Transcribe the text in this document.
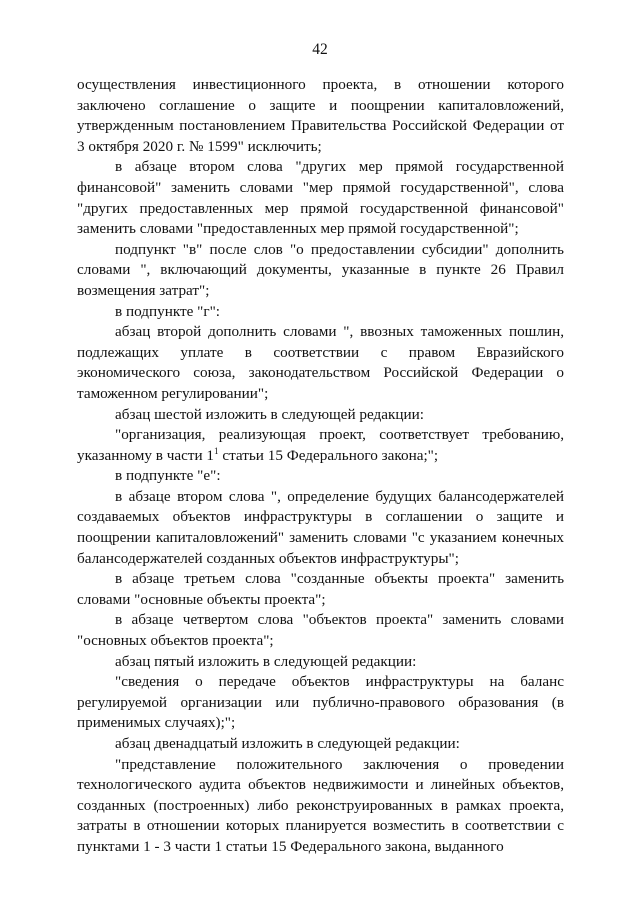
42

осуществления инвестиционного проекта, в отношении которого заключено соглашение о защите и поощрении капиталовложений, утвержденным постановлением Правительства Российской Федерации от 3 октября 2020 г. № 1599" исключить;

в абзаце втором слова "других мер прямой государственной финансовой" заменить словами "мер прямой государственной", слова "других предоставленных мер прямой государственной финансовой" заменить словами "предоставленных мер прямой государственной";

подпункт "в" после слов "о предоставлении субсидии" дополнить словами ", включающий документы, указанные в пункте 26 Правил возмещения затрат";

в подпункте "г":

абзац второй дополнить словами ", ввозных таможенных пошлин, подлежащих уплате в соответствии с правом Евразийского экономического союза, законодательством Российской Федерации о таможенном регулировании";

абзац шестой изложить в следующей редакции:

"организация, реализующая проект, соответствует требованию, указанному в части $1^1$ статьи 15 Федерального закона;";

в подпункте "е":

в абзаце втором слова ", определение будущих балансодержателей создаваемых объектов инфраструктуры в соглашении о защите и поощрении капиталовложений" заменить словами "с указанием конечных балансодержателей созданных объектов инфраструктуры";

в абзаце третьем слова "созданные объекты проекта" заменить словами "основные объекты проекта";

в абзаце четвертом слова "объектов проекта" заменить словами "основных объектов проекта";

абзац пятый изложить в следующей редакции:

"сведения о передаче объектов инфраструктуры на баланс регулируемой организации или публично-правового образования (в применимых случаях);";

абзац двенадцатый изложить в следующей редакции:

"представление положительного заключения о проведении технологического аудита объектов недвижимости и линейных объектов, созданных (построенных) либо реконструированных в рамках проекта, затраты в отношении которых планируется возместить в соответствии с пунктами 1 - 3 части 1 статьи 15 Федерального закона, выданного
